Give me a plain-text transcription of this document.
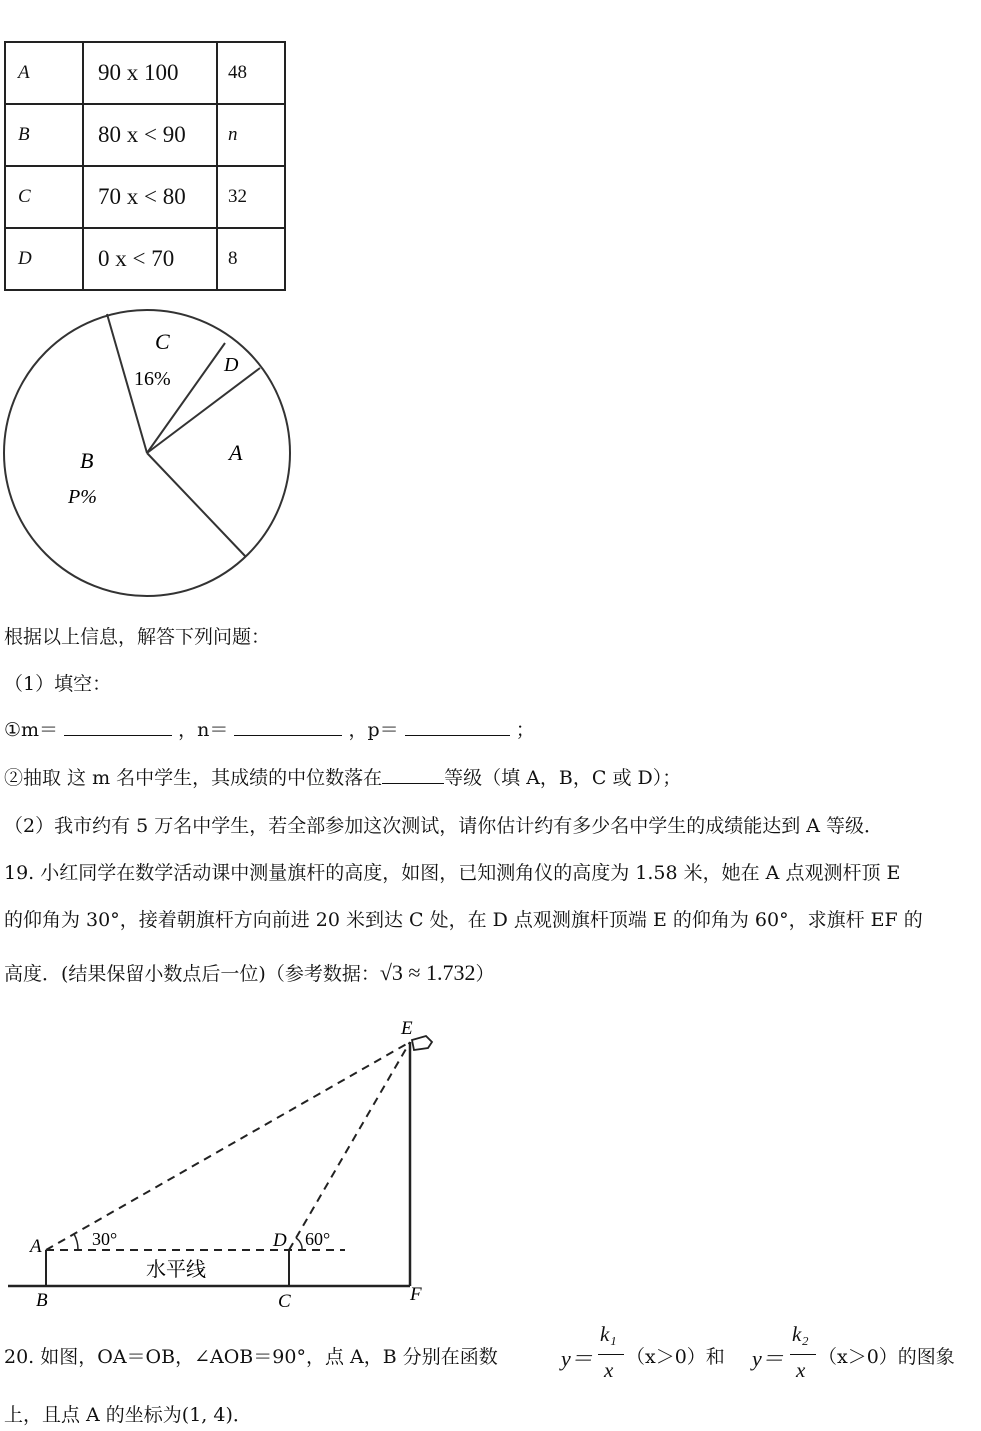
A	90 x 100	48
B	80 x < 90	n
C	70 x < 80	32
D	0 x < 70	8
C
16%
D
A
B
P%
根据以上信息，解答下列问题：
（1）填空：
①m＝	，n＝	，p＝	；
②抽取 这 m 名中学生，其成绩的中位数落在	等级（填 A，B，C 或 D）；
（2）我市约有 5 万名中学生，若全部参加这次测试，请你估计约有多少名中学生的成绩能达到 A 等级．
19. 小红同学在数学活动课中测量旗杆的高度，如图，已知测角仪的高度为 1.58 米，她在 A 点观测杆顶 E
的仰角为 30°，接着朝旗杆方向前进 20 米到达 C 处，在 D 点观测旗杆顶端 E 的仰角为 60°，求旗杆 EF 的
高度．(结果保留小数点后一位)（参考数据：√3 ≈ 1.732）
A
B	C
D
E
F
30°	60°
水平线
20. 如图，OA＝OB，∠AOB＝90°，点 A，B 分别在函数	y＝
k₁
x
（x＞0）和 y＝
k₂
x
（x＞0）的图象
上，且点 A 的坐标为(1, 4)．
